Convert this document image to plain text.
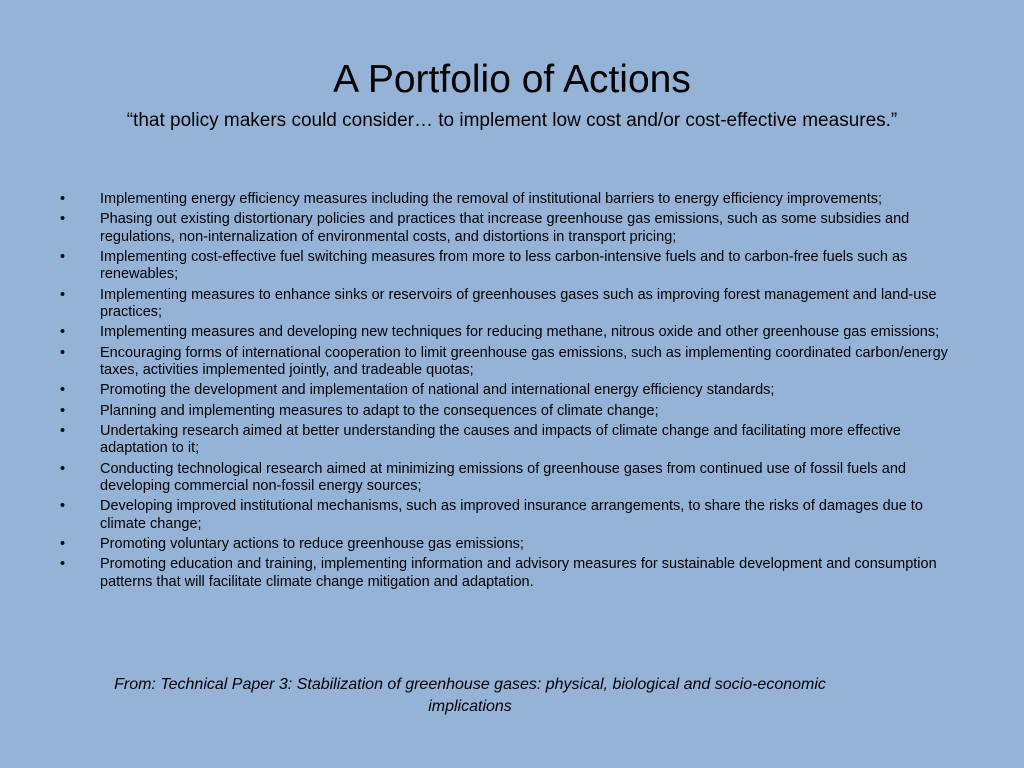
A Portfolio of Actions

“that policy makers could consider… to implement low cost and/or cost-effective measures.”

•	Implementing energy efficiency measures including the removal of institutional barriers to energy efficiency improvements;
•	Phasing out existing distortionary policies and practices that increase greenhouse gas emissions, such as some subsidies and regulations, non-internalization of environmental costs, and distortions in transport pricing;
•	Implementing cost-effective fuel switching measures from more to less carbon-intensive fuels and to carbon-free fuels such as renewables;
•	Implementing measures to enhance sinks or reservoirs of greenhouses gases such as improving forest management and land-use practices;
•	Implementing measures and developing new techniques for reducing methane, nitrous oxide and other greenhouse gas emissions;
•	Encouraging forms of international cooperation to limit greenhouse gas emissions, such as implementing coordinated carbon/energy taxes, activities implemented jointly, and tradeable quotas;
•	Promoting the development and implementation of national and international energy efficiency standards;
•	Planning and implementing measures to adapt to the consequences of climate change;
•	Undertaking research aimed at better understanding the causes and impacts of climate change and facilitating more effective adaptation to it;
•	Conducting technological research aimed at minimizing emissions of greenhouse gases from continued use of fossil fuels and developing commercial non-fossil energy sources;
•	Developing improved institutional mechanisms, such as improved insurance arrangements, to share the risks of damages due to climate change;
•	Promoting voluntary actions to reduce greenhouse gas emissions;
•	Promoting education and training, implementing information and advisory measures for sustainable development and consumption patterns that will facilitate climate change mitigation and adaptation.

From: Technical Paper 3: Stabilization of greenhouse gases: physical, biological and socio-economic implications
